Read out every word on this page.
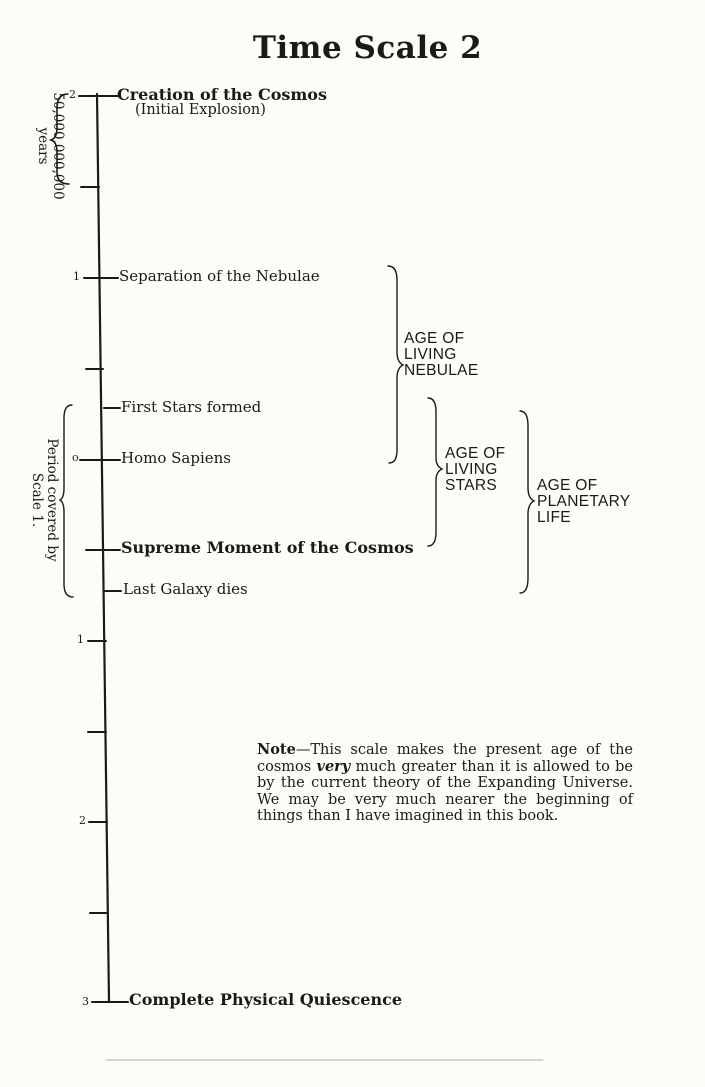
Time Scale 2
2
1
o
1
2
3
Creation of the Cosmos
(Initial Explosion)
Separation of the Nebulae
First Stars formed
Homo Sapiens
Supreme Moment of the Cosmos
Last Galaxy dies
Complete Physical Quiescence
50,000,000,000
years
Period covered by
Scale 1.
AGE OF
LIVING
NEBULAE
AGE OF
LIVING
STARS	AGE OF
PLANETARY
LIFE
Note—This scale makes the present age of the cosmos very much greater than it is allowed to be by the current theory of the Expanding Universe. We may be very much nearer the beginning of things than I have imagined in this book.
